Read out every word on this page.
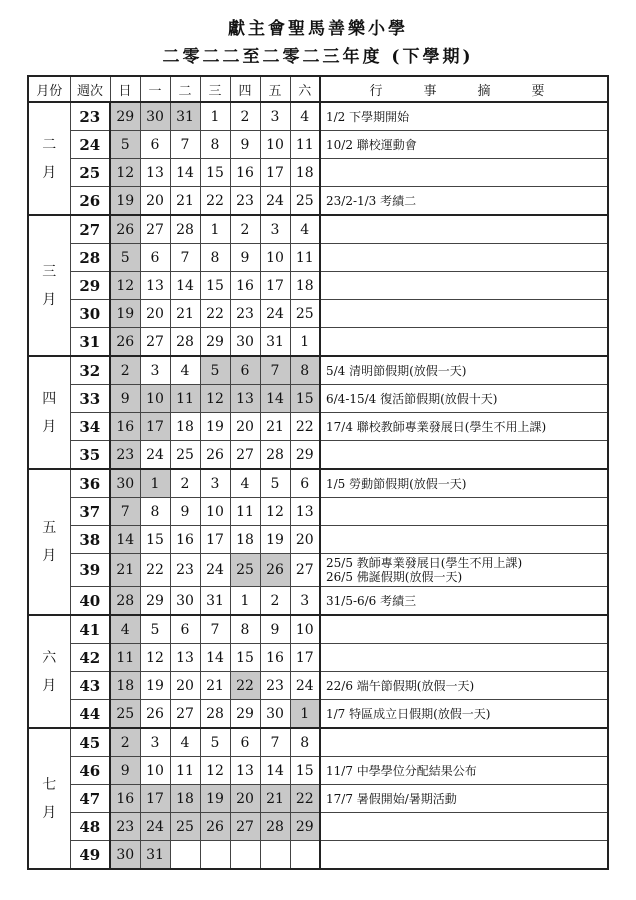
獻主會聖馬善樂小學
二零二二至二零二三年度 (下學期)
月份	週次	日	一	二	三	四	五	六	行　事　摘　要

二
月	23	29	30	31	1	2	3	4	1/2 下學期開始

	24	5	6	7	8	9	10	11	10/2 聯校運動會

	25	12	13	14	15	16	17	18	
	26	19	20	21	22	23	24	25	23/2-1/3 考績二

三
月	27	26	27	28	1	2	3	4	
	28	5	6	7	8	9	10	11	
	29	12	13	14	15	16	17	18	
	30	19	20	21	22	23	24	25	
	31	26	27	28	29	30	31	1	

四
月	32	2	3	4	5	6	7	8	5/4 清明節假期(放假一天)

	33	9	10	11	12	13	14	15	6/4-15/4 復活節假期(放假十天)

	34	16	17	18	19	20	21	22	17/4 聯校教師專業發展日(學生不用上課)

	35	23	24	25	26	27	28	29	

五
月	36	30	1	2	3	4	5	6	1/5 勞動節假期(放假一天)

	37	7	8	9	10	11	12	13	
	38	14	15	16	17	18	19	20	
	39	21	22	23	24	25	26	27	25/5 教師專業發展日(學生不用上課)
26/5 佛誕假期(放假一天)

	40	28	29	30	31	1	2	3	31/5-6/6 考績三

六
月	41	4	5	6	7	8	9	10	
	42	11	12	13	14	15	16	17	
	43	18	19	20	21	22	23	24	22/6 端午節假期(放假一天)

	44	25	26	27	28	29	30	1	1/7 特區成立日假期(放假一天)

七
月	45	2	3	4	5	6	7	8	
	46	9	10	11	12	13	14	15	11/7 中學學位分配結果公布

	47	16	17	18	19	20	21	22	17/7 暑假開始/暑期活動

	48	23	24	25	26	27	28	29	
	49	30	31						
